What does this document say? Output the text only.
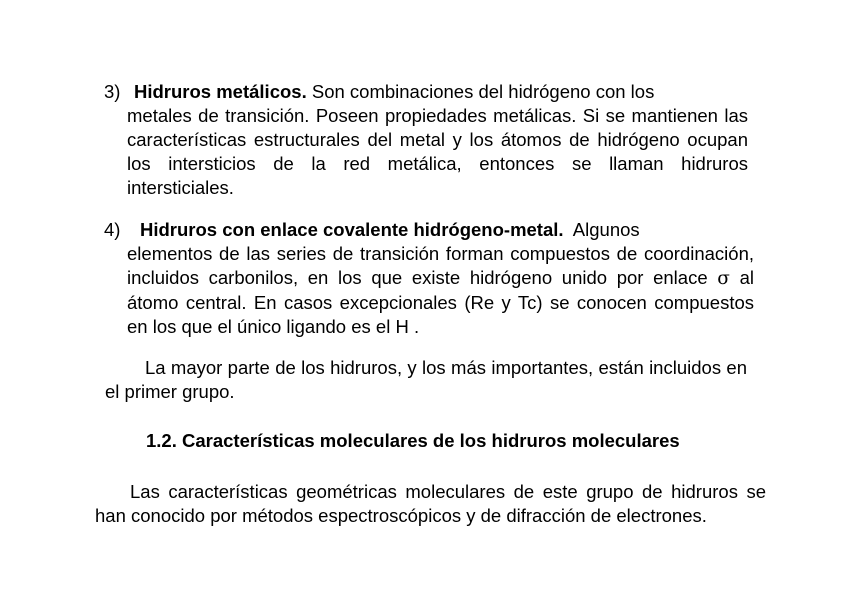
3) Hidruros metálicos. Son combinaciones del hidrógeno con los
metales de transición. Poseen propiedades metálicas. Si se mantienen las características estructurales del metal y los átomos de hidrógeno ocupan los intersticios de la red metálica, entonces se llaman hidruros intersticiales.
4)	Hidruros con enlace covalente hidrógeno-metal.  Algunos
elementos de las series de transición forman compuestos de coordinación, incluidos carbonilos, en los que existe hidrógeno unido por enlace σ al átomo central. En casos excepcionales (Re y Tc) se conocen compuestos en los que el único ligando es el H .
La mayor parte de los hidruros, y los más importantes, están incluidos en el primer grupo.
1.2. Características moleculares de los hidruros moleculares
Las características geométricas moleculares de este grupo de hidruros se han conocido por métodos espectroscópicos y de difracción de electrones.
